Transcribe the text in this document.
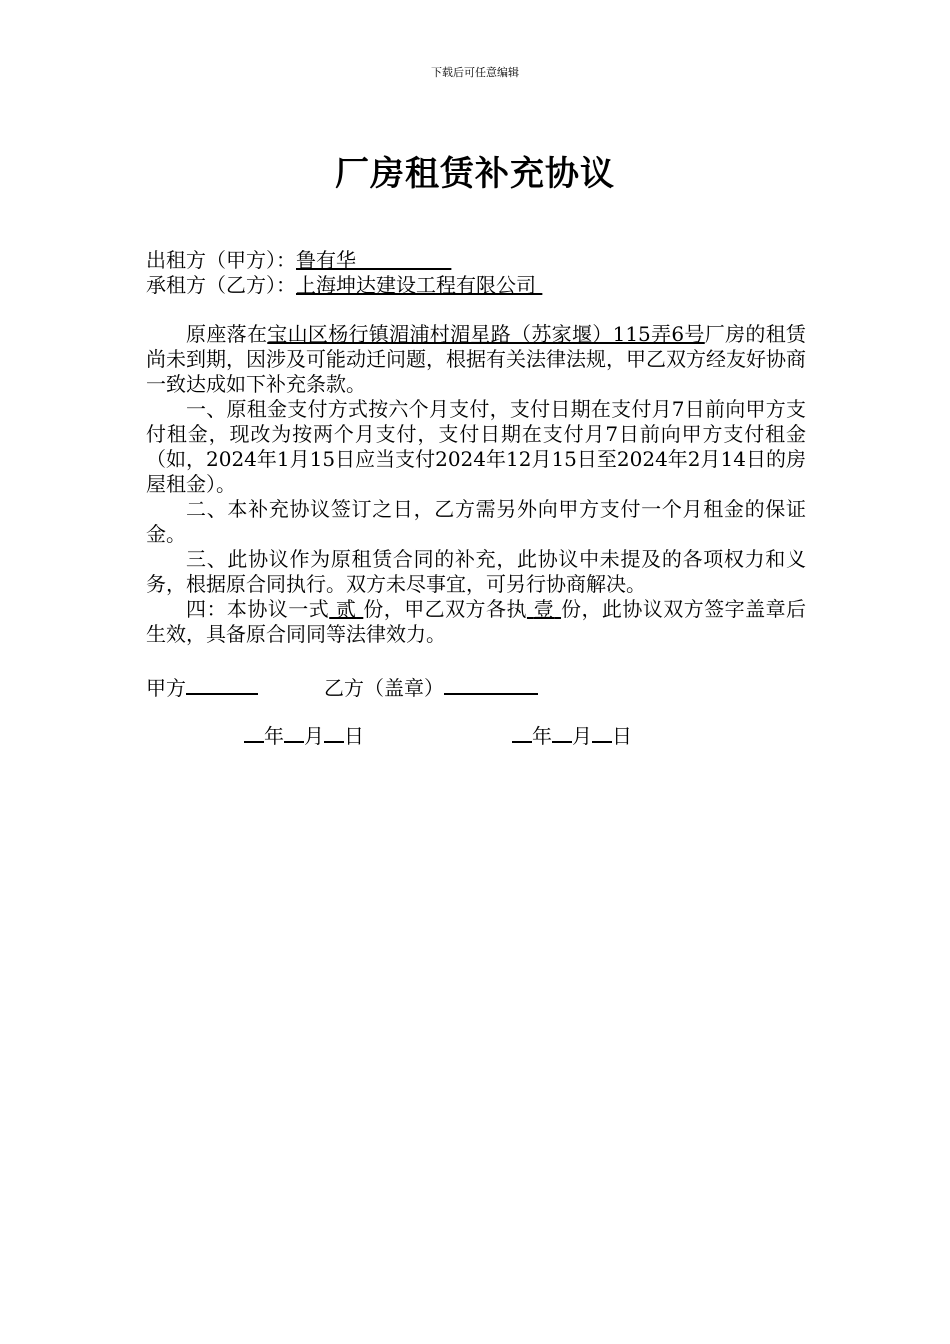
下载后可任意编辑
厂房租赁补充协议
出租方（甲方）：鲁有华
承租方（乙方）：上海坤达建设工程有限公司

原座落在宝山区杨行镇湄浦村湄星路（苏家堰）115弄6号厂房的租赁尚未到期，因涉及可能动迁问题，根据有关法律法规，甲乙双方经友好协商一致达成如下补充条款。

一、原租金支付方式按六个月支付，支付日期在支付月7日前向甲方支付租金，现改为按两个月支付，支付日期在支付月7日前向甲方支付租金（如，2024年1月15日应当支付2024年12月15日至2024年2月14日的房屋租金）。

二、本补充协议签订之日，乙方需另外向甲方支付一个月租金的保证金。

三、此协议作为原租赁合同的补充，此协议中未提及的各项权力和义务，根据原合同执行。双方未尽事宜，可另行协商解决。

四：本协议一式 贰 份，甲乙双方各执 壹 份，此协议双方签字盖章后生效，具备原合同同等法律效力。

甲方	乙方（盖章）
年 月 日	年 月 日
